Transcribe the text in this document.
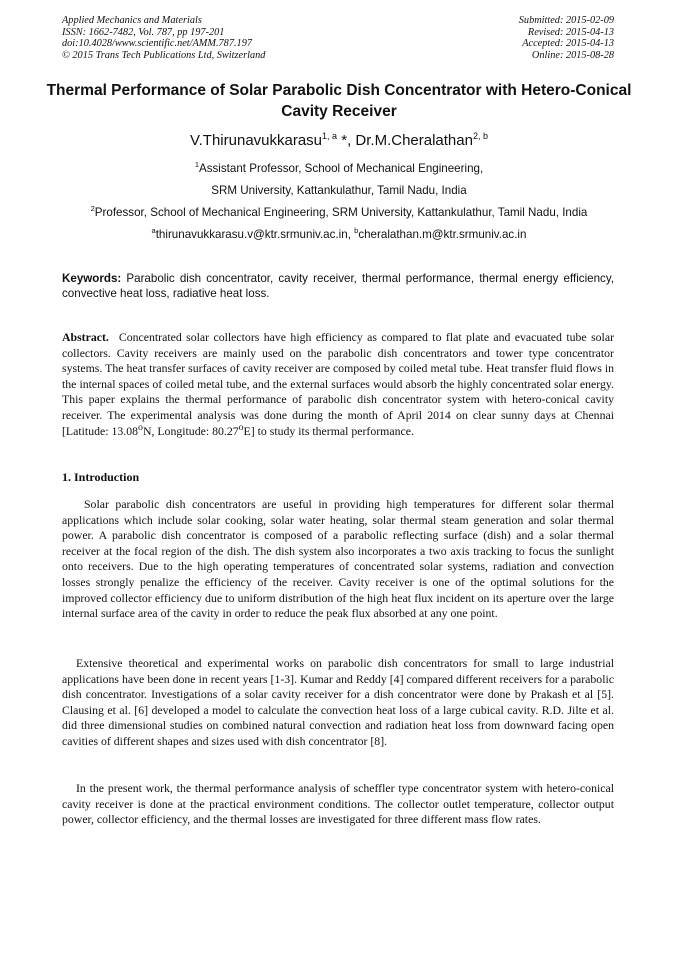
Applied Mechanics and Materials
ISSN: 1662-7482, Vol. 787, pp 197-201
doi:10.4028/www.scientific.net/AMM.787.197
© 2015 Trans Tech Publications Ltd, Switzerland
Submitted: 2015-02-09
Revised: 2015-04-13
Accepted: 2015-04-13
Online: 2015-08-28
Thermal Performance of Solar Parabolic Dish Concentrator with Hetero-Conical Cavity Receiver
V.Thirunavukkarasu$^{1, a}$ *, Dr.M.Cheralathan$^{2, b}$
$^1$Assistant Professor, School of Mechanical Engineering,
SRM University, Kattankulathur, Tamil Nadu, India
$^2$Professor, School of Mechanical Engineering, SRM University, Kattankulathur, Tamil Nadu, India
$^a$thirunavukkarasu.v@ktr.srmuniv.ac.in, $^b$cheralathan.m@ktr.srmuniv.ac.in
Keywords: Parabolic dish concentrator, cavity receiver, thermal performance, thermal energy efficiency, convective heat loss, radiative heat loss.
Abstract. Concentrated solar collectors have high efficiency as compared to flat plate and evacuated tube solar collectors. Cavity receivers are mainly used on the parabolic dish concentrators and tower type concentrator systems. The heat transfer surfaces of cavity receiver are composed by coiled metal tube. Heat transfer fluid flows in the internal spaces of coiled metal tube, and the external surfaces would absorb the highly concentrated solar energy. This paper explains the thermal performance of parabolic dish concentrator system with hetero-conical cavity receiver. The experimental analysis was done during the month of April 2014 on clear sunny days at Chennai [Latitude: 13.08$^o$N, Longitude: 80.27$^o$E] to study its thermal performance.
1. Introduction
Solar parabolic dish concentrators are useful in providing high temperatures for different solar thermal applications which include solar cooking, solar water heating, solar thermal steam generation and solar thermal power. A parabolic dish concentrator is composed of a parabolic reflecting surface (dish) and a solar thermal receiver at the focal region of the dish. The dish system also incorporates a two axis tracking to focus the sunlight onto receivers. Due to the high operating temperatures of concentrated solar systems, radiation and convection losses strongly penalize the efficiency of the receiver. Cavity receiver is one of the optimal solutions for the improved collector efficiency due to uniform distribution of the high heat flux incident on its aperture over the large internal surface area of the cavity in order to reduce the peak flux absorbed at any one point.
Extensive theoretical and experimental works on parabolic dish concentrators for small to large industrial applications have been done in recent years [1-3]. Kumar and Reddy [4] compared different receivers for a parabolic dish concentrator. Investigations of a solar cavity receiver for a dish concentrator were done by Prakash et al [5]. Clausing et al. [6] developed a model to calculate the convection heat loss of a large cubical cavity. R.D. Jilte et al. did three dimensional studies on combined natural convection and radiation heat loss from downward facing open cavities of different shapes and sizes used with dish concentrator [8].
In the present work, the thermal performance analysis of scheffler type concentrator system with hetero-conical cavity receiver is done at the practical environment conditions. The collector outlet temperature, collector output power, collector efficiency, and the thermal losses are investigated for three different mass flow rates.
